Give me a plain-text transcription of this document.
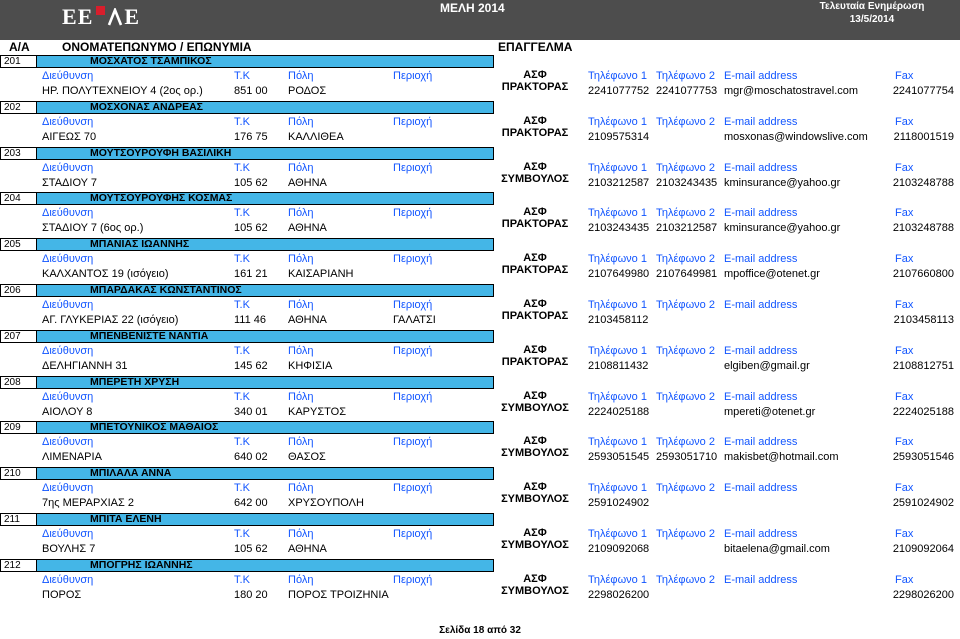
E E E	ΜΕΛΗ 2014	Τελευταία Ενημέρωση
13/5/2014
Α/Α	ΟΝΟΜΑΤΕΠΩΝΥΜΟ / ΕΠΩΝΥΜΙΑ	ΕΠΑΓΓΕΛΜΑ
201	ΜΟΣΧΑΤΟΣ ΤΣΑΜΠΙΚΟΣ
Διεύθυνση	Τ.Κ	Πόλη	Περιοχή	Τηλέφωνο 1 Τηλέφωνο 2 E-mail address	Fax
ΗΡ. ΠΟΛΥΤΕΧΝΕΙΟΥ 4 (2ος ορ.)	851 00 ΡΟΔΟΣ	2241077752 2241077753 mgr@moschatostravel.com	2241077754
ΑΣΦ
ΠΡΑΚΤΟΡΑΣ
202	ΜΟΣΧΟΝΑΣ ΑΝΔΡΕΑΣ
Διεύθυνση	Τ.Κ	Πόλη	Περιοχή	Τηλέφωνο 1 Τηλέφωνο 2 E-mail address	Fax
ΑΙΓΕΩΣ 70	176 75 ΚΑΛΛΙΘΕΑ	2109575314	mosxonas@windowslive.com	2118001519
ΑΣΦ
ΠΡΑΚΤΟΡΑΣ
203	ΜΟΥΤΣΟΥΡΟΥΦΗ ΒΑΣΙΛΙΚΗ
Διεύθυνση	Τ.Κ	Πόλη	Περιοχή	Τηλέφωνο 1 Τηλέφωνο 2 E-mail address	Fax
ΣΤΑΔΙΟΥ 7	105 62 ΑΘΗΝΑ	2103212587 2103243435 kminsurance@yahoo.gr	2103248788
ΑΣΦ
ΣΥΜΒΟΥΛΟΣ
204	ΜΟΥΤΣΟΥΡΟΥΦΗΣ ΚΟΣΜΑΣ
Διεύθυνση	Τ.Κ	Πόλη	Περιοχή	Τηλέφωνο 1 Τηλέφωνο 2 E-mail address	Fax
ΣΤΑΔΙΟΥ 7 (6ος ορ.)	105 62 ΑΘΗΝΑ	2103243435 2103212587 kminsurance@yahoo.gr	2103248788
ΑΣΦ
ΠΡΑΚΤΟΡΑΣ
205	ΜΠΑΝΙΑΣ ΙΩΑΝΝΗΣ
Διεύθυνση	Τ.Κ	Πόλη	Περιοχή	Τηλέφωνο 1 Τηλέφωνο 2 E-mail address	Fax
ΚΑΛΧΑΝΤΟΣ 19 (ισόγειο)	161 21 ΚΑΙΣΑΡΙΑΝΗ	2107649980 2107649981 mpoffice@otenet.gr	2107660800
ΑΣΦ
ΠΡΑΚΤΟΡΑΣ
206	ΜΠΑΡΔΑΚΑΣ ΚΩΝΣΤΑΝΤΙΝΟΣ
Διεύθυνση	Τ.Κ	Πόλη	Περιοχή	Τηλέφωνο 1 Τηλέφωνο 2 E-mail address	Fax
ΑΓ. ΓΛΥΚΕΡΙΑΣ 22 (ισόγειο)	111 46 ΑΘΗΝΑ	ΓΑΛΑΤΣΙ	2103458112	2103458113
ΑΣΦ
ΠΡΑΚΤΟΡΑΣ
207	ΜΠΕΝΒΕΝΙΣΤΕ ΝΑΝΤΙΑ
Διεύθυνση	Τ.Κ	Πόλη	Περιοχή	Τηλέφωνο 1 Τηλέφωνο 2 E-mail address	Fax
ΔΕΛΗΓΙΑΝΝΗ 31	145 62 ΚΗΦΙΣΙΑ	2108811432	elgiben@gmail.gr	2108812751
ΑΣΦ
ΠΡΑΚΤΟΡΑΣ
208	ΜΠΕΡΕΤΗ ΧΡΥΣΗ
Διεύθυνση	Τ.Κ	Πόλη	Περιοχή	Τηλέφωνο 1 Τηλέφωνο 2 E-mail address	Fax
ΑΙΟΛΟΥ 8	340 01 ΚΑΡΥΣΤΟΣ	2224025188	mpereti@otenet.gr	2224025188
ΑΣΦ
ΣΥΜΒΟΥΛΟΣ
209	ΜΠΕΤΟΥΝΙΚΟΣ ΜΑΘΑΙΟΣ
Διεύθυνση	Τ.Κ	Πόλη	Περιοχή	Τηλέφωνο 1 Τηλέφωνο 2 E-mail address	Fax
ΛΙΜΕΝΑΡΙΑ	640 02 ΘΑΣΟΣ	2593051545 2593051710 makisbet@hotmail.com	2593051546
ΑΣΦ
ΣΥΜΒΟΥΛΟΣ
210	ΜΠΙΛΑΛΑ ΑΝΝΑ
Διεύθυνση	Τ.Κ	Πόλη	Περιοχή	Τηλέφωνο 1 Τηλέφωνο 2 E-mail address	Fax
7ης ΜΕΡΑΡΧΙΑΣ 2	642 00 ΧΡΥΣΟΥΠΟΛΗ	2591024902	2591024902
ΑΣΦ
ΣΥΜΒΟΥΛΟΣ
211	ΜΠΙΤΑ ΕΛΕΝΗ
Διεύθυνση	Τ.Κ	Πόλη	Περιοχή	Τηλέφωνο 1 Τηλέφωνο 2 E-mail address	Fax
ΒΟΥΛΗΣ 7	105 62 ΑΘΗΝΑ	2109092068	bitaelena@gmail.com	2109092064
ΑΣΦ
ΣΥΜΒΟΥΛΟΣ
212	ΜΠΟΓΡΗΣ ΙΩΑΝΝΗΣ
Διεύθυνση	Τ.Κ	Πόλη	Περιοχή	Τηλέφωνο 1 Τηλέφωνο 2 E-mail address	Fax
ΠΟΡΟΣ	180 20 ΠΟΡΟΣ ΤΡΟΙΖΗΝΙΑ	2298026200	2298026200
ΑΣΦ
ΣΥΜΒΟΥΛΟΣ
Σελίδα 18 από 32
